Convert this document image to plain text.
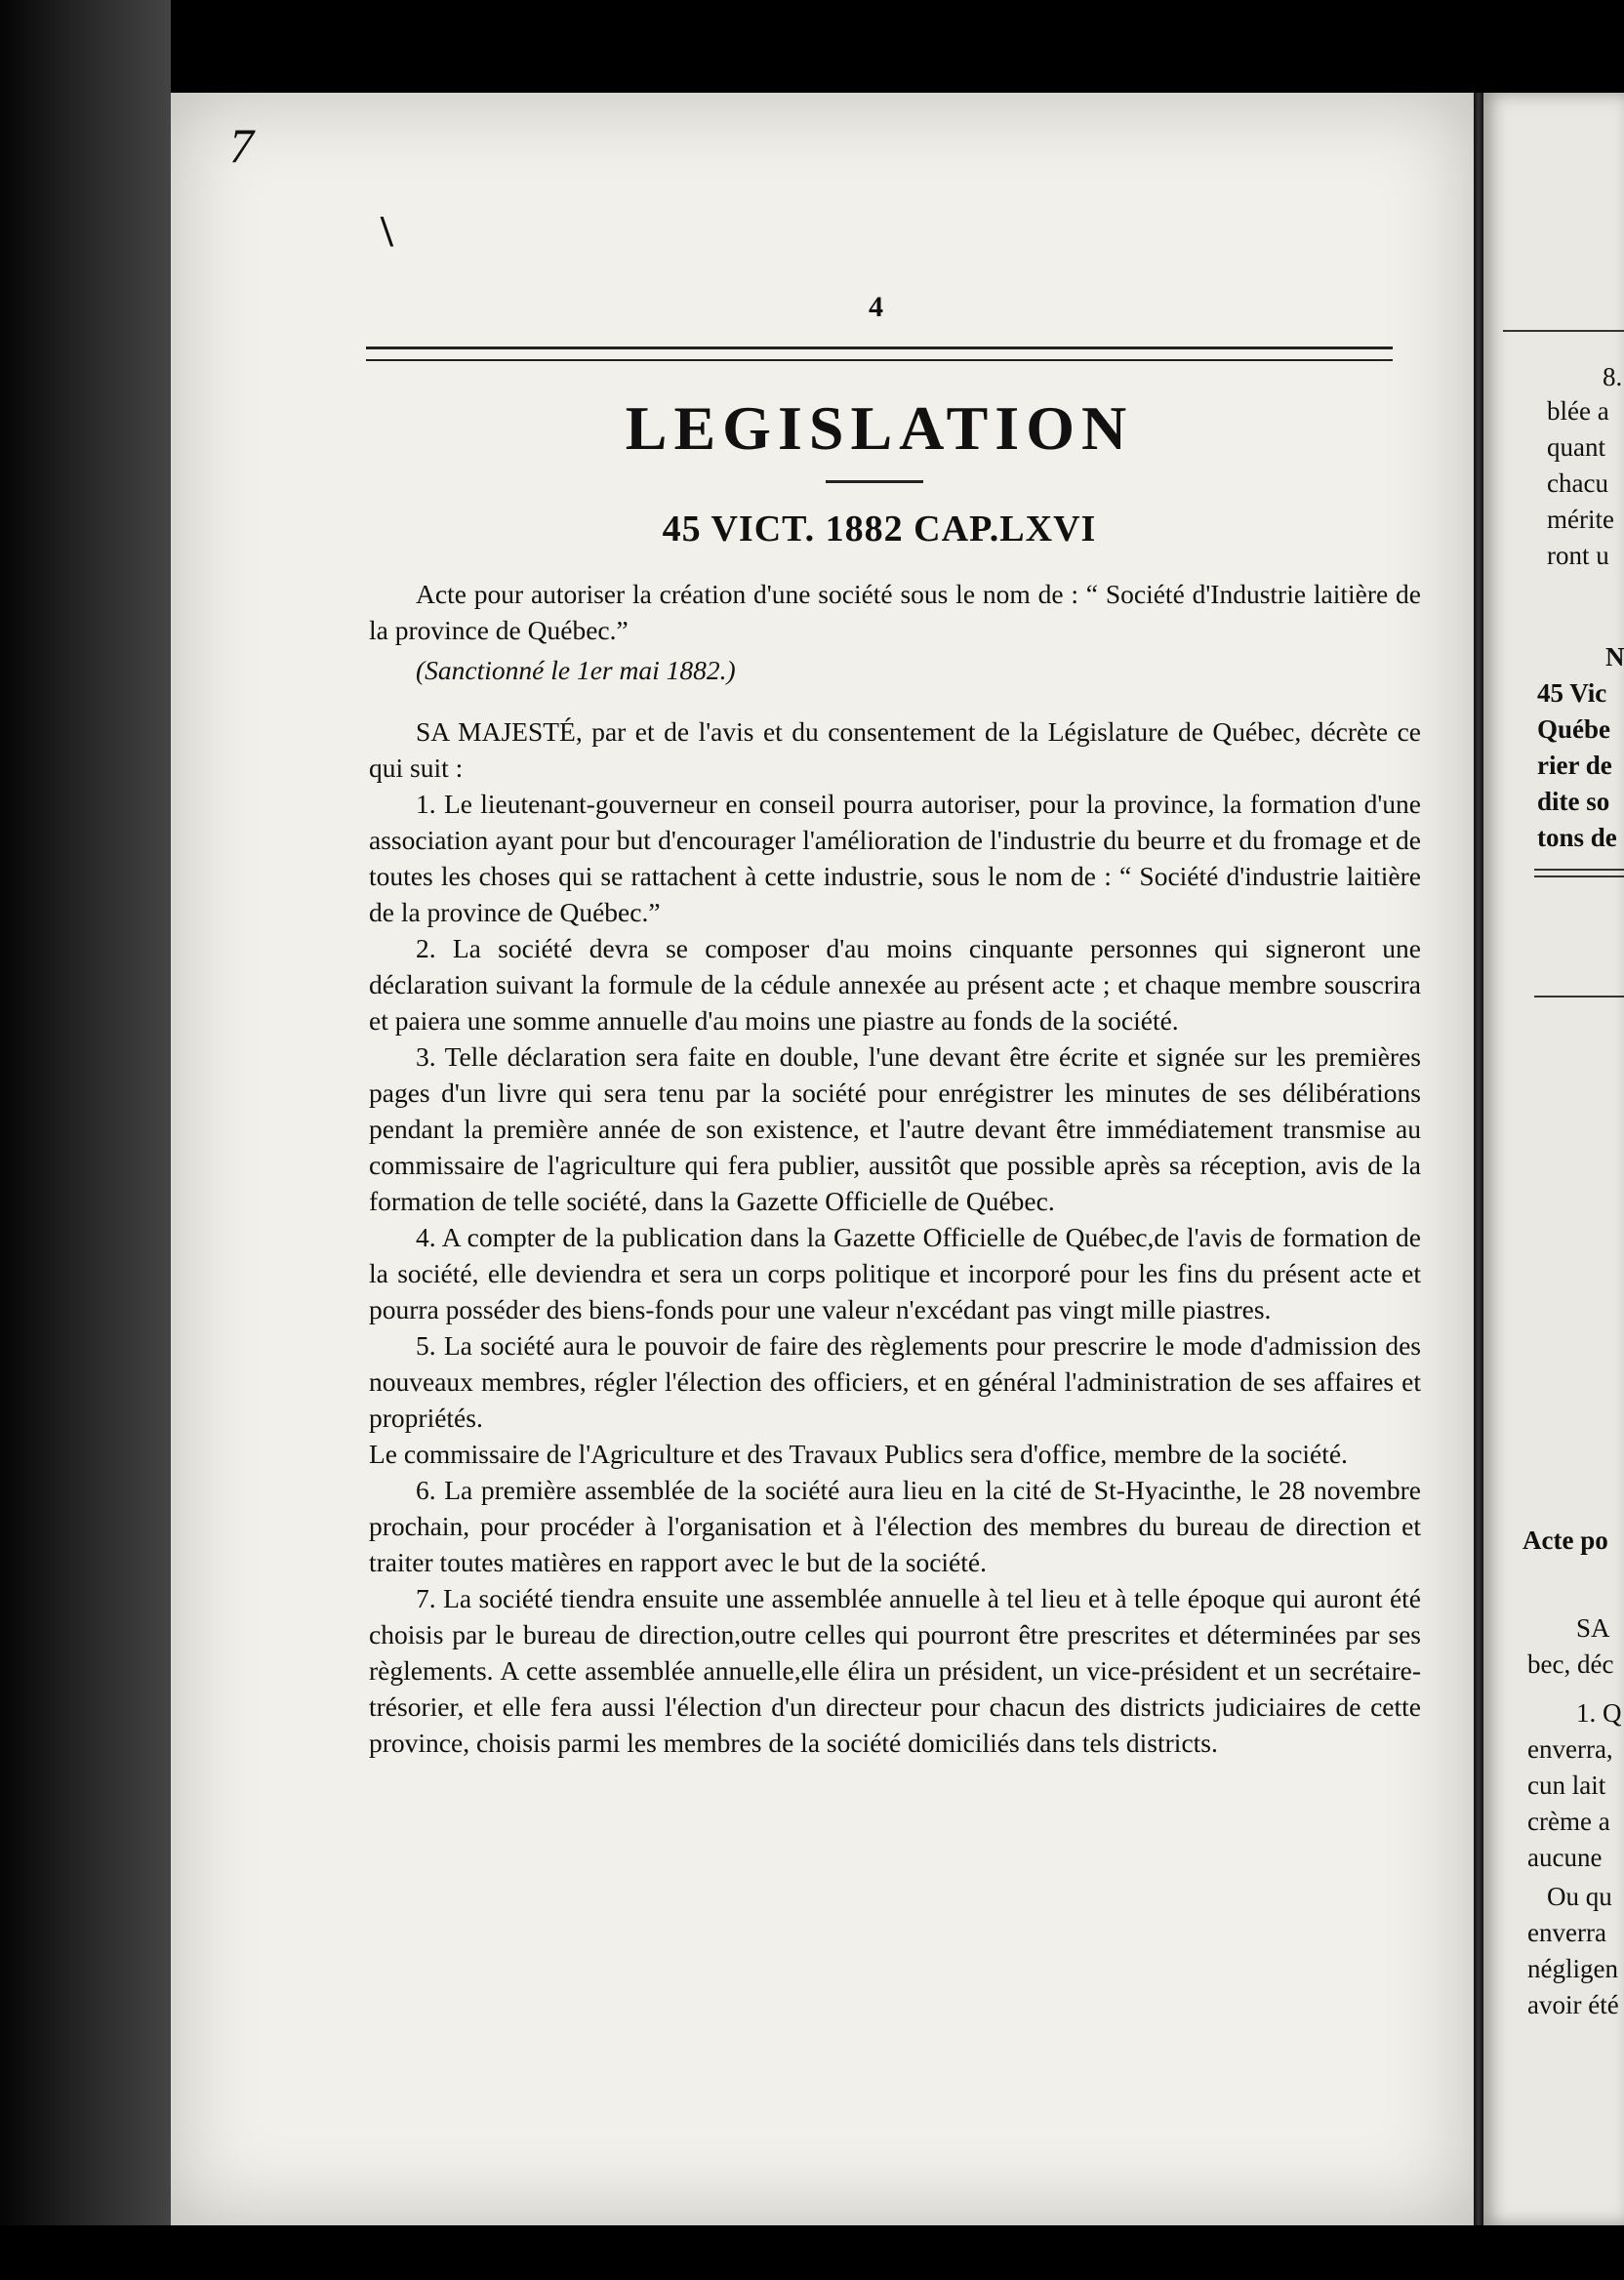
7
\
4
LEGISLATION
45 VICT. 1882 CAP.LXVI

Acte pour autoriser la création d'une société sous le nom de : “ Société d'Industrie laitière de la province de Québec.”

(Sanctionné le 1er mai 1882.)

SA MAJESTÉ, par et de l'avis et du consentement de la Législature de Québec, décrète ce qui suit :

1. Le lieutenant-gouverneur en conseil pourra autoriser, pour la province, la formation d'une association ayant pour but d'encourager l'amélioration de l'industrie du beurre et du fromage et de toutes les choses qui se rattachent à cette industrie, sous le nom de : “ Société d'industrie laitière de la province de Québec.”

2. La société devra se composer d'au moins cinquante personnes qui signeront une déclaration suivant la formule de la cédule annexée au présent acte ; et chaque membre souscrira et paiera une somme annuelle d'au moins une piastre au fonds de la société.

3. Telle déclaration sera faite en double, l'une devant être écrite et signée sur les premières pages d'un livre qui sera tenu par la société pour enrégistrer les minutes de ses délibérations pendant la première année de son existence, et l'autre devant être immédiatement transmise au commissaire de l'agriculture qui fera publier, aussitôt que possible après sa réception, avis de la formation de telle société, dans la Gazette Officielle de Québec.

4. A compter de la publication dans la Gazette Officielle de Québec,de l'avis de formation de la société, elle deviendra et sera un corps politique et incorporé pour les fins du présent acte et pourra posséder des biens-fonds pour une valeur n'excédant pas vingt mille piastres.

5. La société aura le pouvoir de faire des règlements pour prescrire le mode d'admission des nouveaux membres, régler l'élection des officiers, et en général l'administration de ses affaires et propriétés.

Le commissaire de l'Agriculture et des Travaux Publics sera d'office, membre de la société.

6. La première assemblée de la société aura lieu en la cité de St-Hyacinthe, le 28 novembre prochain, pour procéder à l'organisation et à l'élection des membres du bureau de direction et traiter toutes matières en rapport avec le but de la société.

7. La société tiendra ensuite une assemblée annuelle à tel lieu et à telle époque qui auront été choisis par le bureau de direction,outre celles qui pourront être prescrites et déterminées par ses règlements. A cette assemblée annuelle,elle élira un président, un vice-président et un secrétaire-trésorier, et elle fera aussi l'élection d'un directeur pour chacun des districts judiciaires de cette province, choisis parmi les membres de la société domiciliés dans tels districts.

8.
blée a
quant
chacu
mérite
ront u
N
45 Vic
Québe
rier de
dite so
tons de
Acte po
SA
bec, déc
1. Q
enverra,
cun lait
crème a
aucune
Ou qu
enverra
négligen
avoir été
